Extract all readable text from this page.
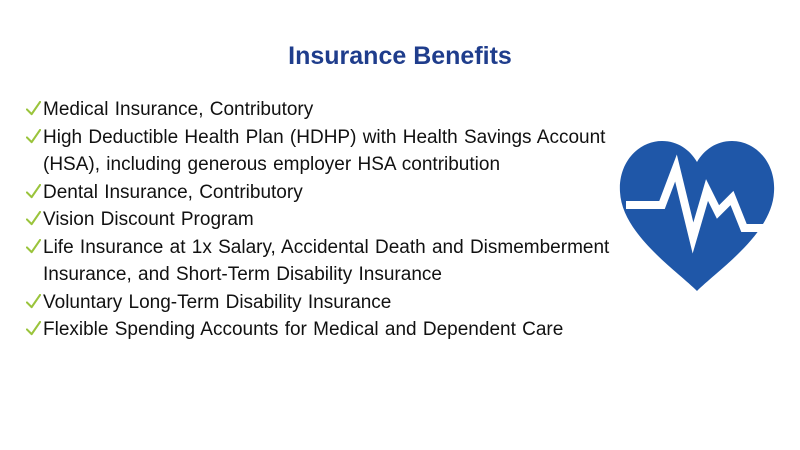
Insurance Benefits
Medical Insurance, Contributory
High Deductible Health Plan (HDHP) with Health Savings Account (HSA), including generous employer HSA contribution
Dental Insurance, Contributory
Vision Discount Program
Life Insurance at 1x Salary, Accidental Death and Dismemberment Insurance, and Short-Term Disability Insurance
Voluntary Long-Term Disability Insurance
Flexible Spending Accounts for Medical and Dependent Care
